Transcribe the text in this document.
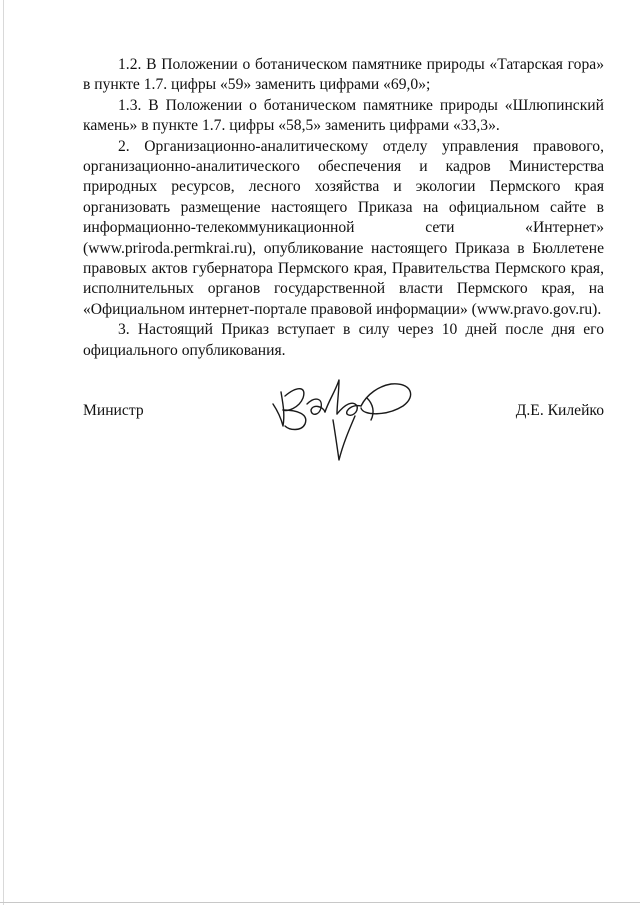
1.2. В Положении о ботаническом памятнике природы «Татарская гора» в пункте 1.7. цифры «59» заменить цифрами «69,0»;

1.3. В Положении о ботаническом памятнике природы «Шлюпинский камень» в пункте 1.7. цифры «58,5» заменить цифрами «33,3».

2. Организационно-аналитическому отделу управления правового, организационно-аналитического обеспечения и кадров Министерства природных ресурсов, лесного хозяйства и экологии Пермского края организовать размещение настоящего Приказа на официальном сайте в информационно-телекоммуникационной сети «Интернет» (www.priroda.permkrai.ru), опубликование настоящего Приказа в Бюллетене правовых актов губернатора Пермского края, Правительства Пермского края, исполнительных органов государственной власти Пермского края, на «Официальном интернет-портале правовой информации» (www.pravo.gov.ru).

3. Настоящий Приказ вступает в силу через 10 дней после дня его официального опубликования.

Министр	Д.Е. Килейко
